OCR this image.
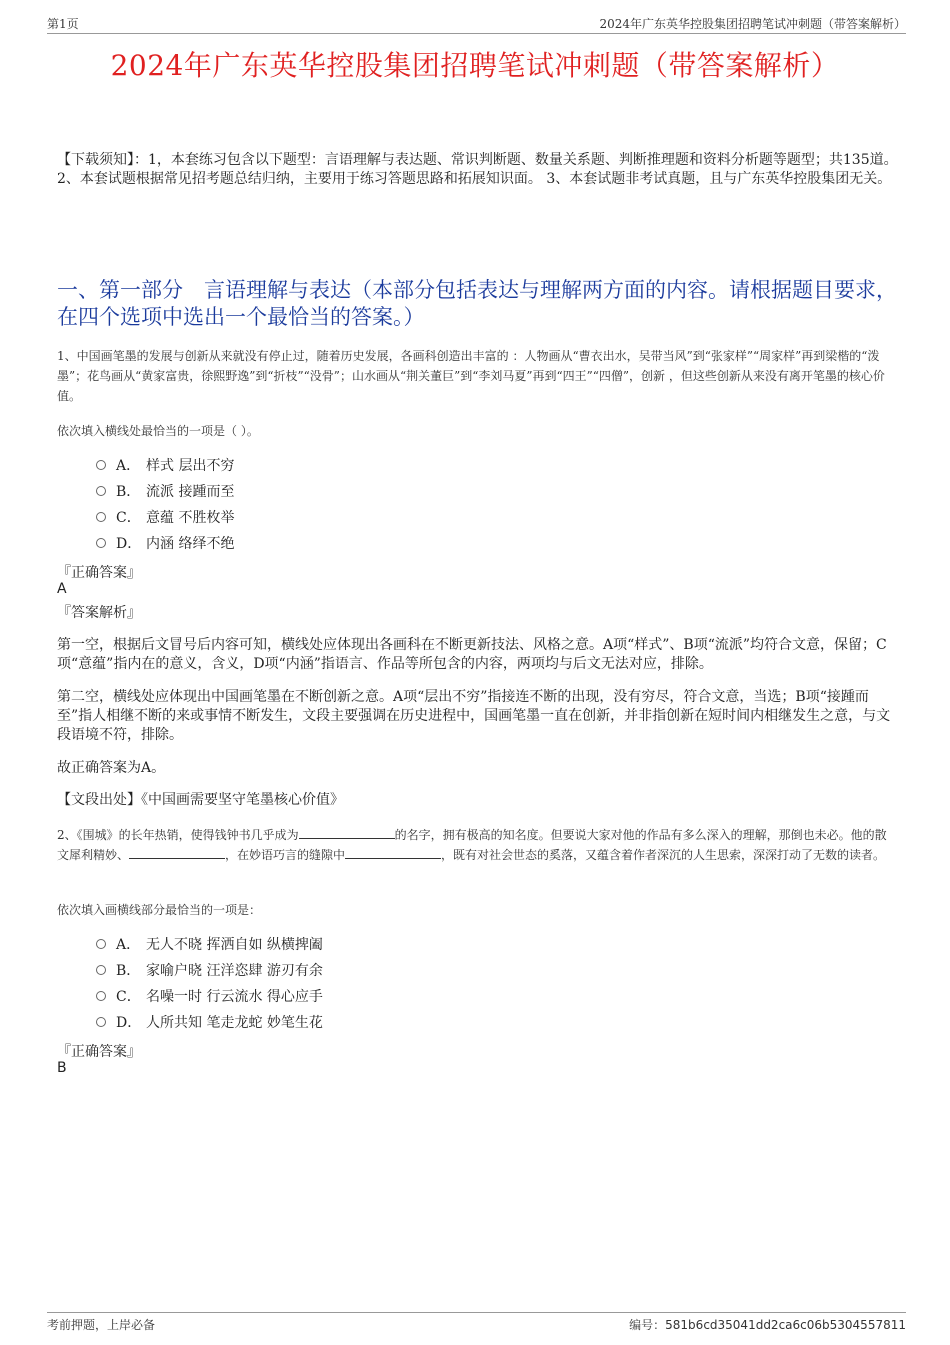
第1页	2024年广东英华控股集团招聘笔试冲刺题（带答案解析）
2024年广东英华控股集团招聘笔试冲刺题（带答案解析）
【下载须知】：1，本套练习包含以下题型：言语理解与表达题、常识判断题、数量关系题、判断推理题和资料分析题等题型；共135道。 2、本套试题根据常见招考题总结归纳，主要用于练习答题思路和拓展知识面。 3、本套试题非考试真题，且与广东英华控股集团无关。
一、第一部分　言语理解与表达（本部分包括表达与理解两方面的内容。请根据题目要求，在四个选项中选出一个最恰当的答案。）
1、中国画笔墨的发展与创新从来就没有停止过，随着历史发展，各画科创造出丰富的 ：人物画从“曹衣出水，吴带当风”到“张家样”“周家样”再到梁楷的“泼墨”；花鸟画从“黄家富贵，徐熙野逸”到“折枝”“没骨”；山水画从“荆关董巨”到“李刘马夏”再到“四王”“四僧”，创新 ，但这些创新从来没有离开笔墨的核心价值。
依次填入横线处最恰当的一项是（ ）。
A． 样式 层出不穷
B． 流派 接踵而至
C． 意蕴 不胜枚举
D． 内涵 络绎不绝
『正确答案』
A
『答案解析』
第一空，根据后文冒号后内容可知，横线处应体现出各画科在不断更新技法、风格之意。A项“样式”、B项“流派”均符合文意，保留；C项“意蕴”指内在的意义，含义，D项“内涵”指语言、作品等所包含的内容，两项均与后文无法对应，排除。
第二空，横线处应体现出中国画笔墨在不断创新之意。A项“层出不穷”指接连不断的出现，没有穷尽，符合文意，当选；B项“接踵而至”指人相继不断的来或事情不断发生，文段主要强调在历史进程中，国画笔墨一直在创新，并非指创新在短时间内相继发生之意，与文段语境不符，排除。
故正确答案为A。
【文段出处】《中国画需要坚守笔墨核心价值》
2、《围城》的长年热销，使得钱钟书几乎成为	的名字，拥有极高的知名度。但要说大家对他的作品有多么深入的理解，那倒也未必。他的散文犀利精妙、	，在妙语巧言的缝隙中	，既有对社会世态的奚落，又蕴含着作者深沉的人生思索，深深打动了无数的读者。
依次填入画横线部分最恰当的一项是：
A． 无人不晓 挥洒自如 纵横捭阖
B． 家喻户晓 汪洋恣肆 游刃有余
C． 名噪一时 行云流水 得心应手
D． 人所共知 笔走龙蛇 妙笔生花
『正确答案』
B
考前押题，上岸必备	编号：581b6cd35041dd2ca6c06b5304557811
